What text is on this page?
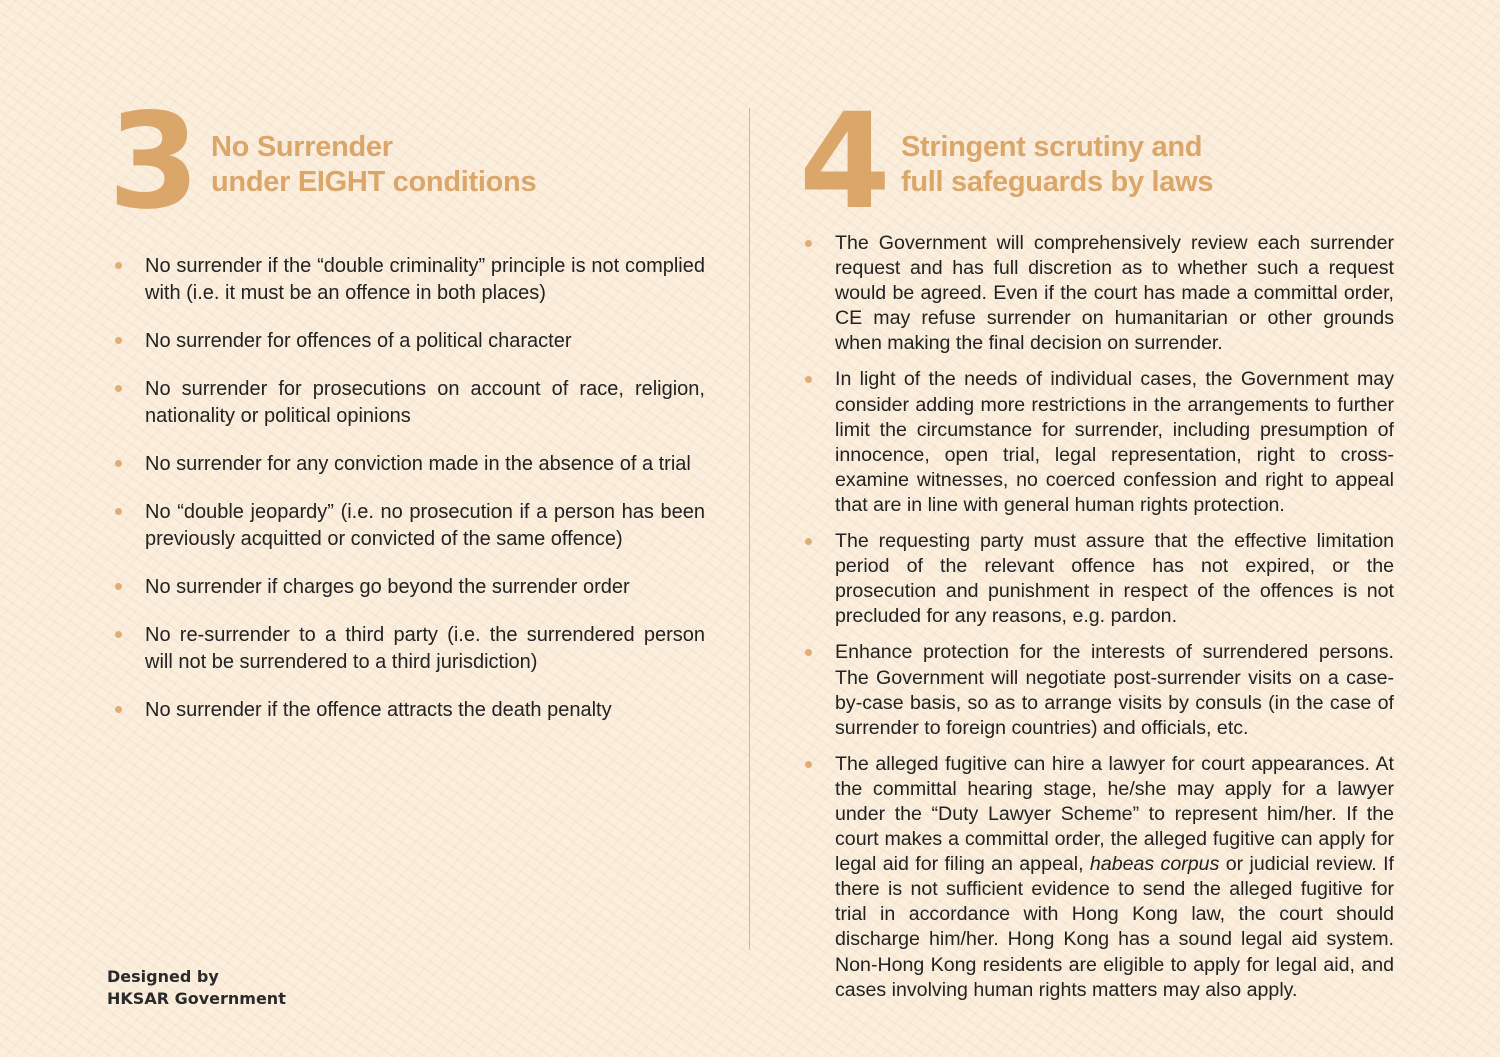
3 No Surrender
under EIGHT conditions
No surrender if the “double criminality” principle is not complied with (i.e. it must be an offence in both places)
No surrender for offences of a political character
No surrender for prosecutions on account of race, religion, nationality or political opinions
No surrender for any conviction made in the absence of a trial
No “double jeopardy” (i.e. no prosecution if a person has been previously acquitted or convicted of the same offence)
No surrender if charges go beyond the surrender order
No re-surrender to a third party (i.e. the surrendered person will not be surrendered to a third jurisdiction)
No surrender if the offence attracts the death penalty
4 Stringent scrutiny and
full safeguards by laws
The Government will comprehensively review each surrender request and has full discretion as to whether such a request would be agreed. Even if the court has made a committal order, CE may refuse surrender on humanitarian or other grounds when making the final decision on surrender.
In light of the needs of individual cases, the Government may consider adding more restrictions in the arrangements to further limit the circumstance for surrender, including presumption of innocence, open trial, legal representation, right to cross-examine witnesses, no coerced confession and right to appeal that are in line with general human rights protection.
The requesting party must assure that the effective limitation period of the relevant offence has not expired, or the prosecution and punishment in respect of the offences is not precluded for any reasons, e.g. pardon.
Enhance protection for the interests of surrendered persons. The Government will negotiate post-surrender visits on a case-by-case basis, so as to arrange visits by consuls (in the case of surrender to foreign countries) and officials, etc.
The alleged fugitive can hire a lawyer for court appearances. At the committal hearing stage, he/she may apply for a lawyer under the “Duty Lawyer Scheme” to represent him/her. If the court makes a committal order, the alleged fugitive can apply for legal aid for filing an appeal, habeas corpus or judicial review. If there is not sufficient evidence to send the alleged fugitive for trial in accordance with Hong Kong law, the court should discharge him/her. Hong Kong has a sound legal aid system. Non-Hong Kong residents are eligible to apply for legal aid, and cases involving human rights matters may also apply.
Designed by
HKSAR Government
